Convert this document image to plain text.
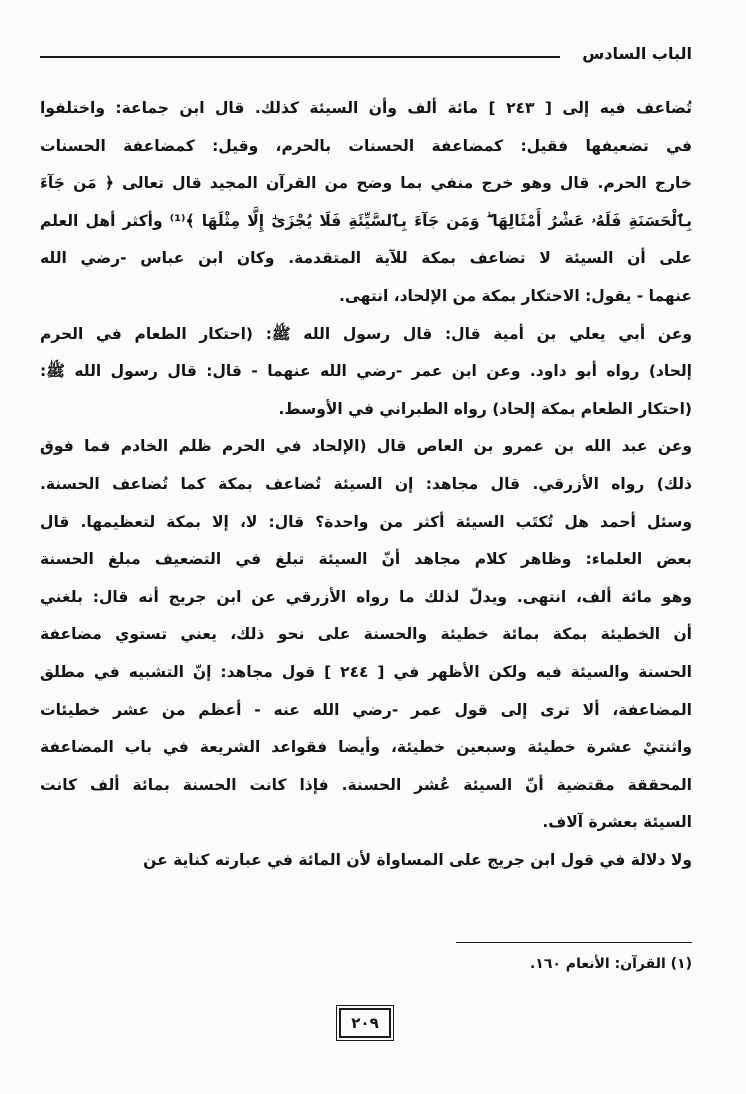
الباب السادس
تُضاعف فيه إلى [ ٢٤٣ ] مائة ألف وأن السيئة كذلك. قال ابن جماعة: واختلفوا
في تضعيفها فقيل: كمضاعفة الحسنات بالحرم، وقيل: كمضاعفة الحسنات
خارج الحرم. قال وهو خرج منفي بما وضح من القرآن المجيد قال تعالى ﴿ مَن جَآءَ
بِٱلْحَسَنَةِ فَلَهُۥ عَشْرُ أَمْثَالِهَا ۖ وَمَن جَآءَ بِٱلسَّيِّئَةِ فَلَا يُجْزَىٰٓ إِلَّا مِثْلَهَا ﴾⁽¹⁾ وأكثر أهل العلم
على أن السيئة لا تضاعف بمكة للآية المتقدمة. وكان ابن عباس -رضي الله
عنهما - يقول: الاحتكار بمكة من الإلحاد، انتهى.
وعن أبي يعلي بن أمية قال: قال رسول الله ﷺ: (احتكار الطعام في الحرم
إلحاد) رواه أبو داود. وعن ابن عمر -رضي الله عنهما - قال: قال رسول الله ﷺ:
(احتكار الطعام بمكة إلحاد) رواه الطبراني في الأوسط.
وعن عبد الله بن عمرو بن العاص قال (الإلحاد في الحرم ظلم الخادم فما فوق
ذلك) رواه الأزرقي. قال مجاهد: إن السيئة تُضاعف بمكة كما تُضاعف الحسنة.
وسئل أحمد هل تُكتَب السيئة أكثر من واحدة؟ قال: لا، إلا بمكة لتعظيمها. قال
بعض العلماء: وظاهر كلام مجاهد أنّ السيئة تبلغ في التضعيف مبلغ الحسنة
وهو مائة ألف، انتهى. ويدلّ لذلك ما رواه الأزرقي عن ابن جريج أنه قال: بلغني
أن الخطيئة بمكة بمائة خطيئة والحسنة على نحو ذلك، يعني تستوي مضاعفة
الحسنة والسيئة فيه ولكن الأظهر في [ ٢٤٤ ] قول مجاهد: إنّ التشبيه في مطلق
المضاعفة، ألا ترى إلى قول عمر -رضي الله عنه - أعظم من عشر خطيئات
واثنتيْ عشرة خطيئة وسبعين خطيئة، وأيضا فقواعد الشريعة في باب المضاعفة
المحققة مقتضية أنّ السيئة عُشر الحسنة. فإذا كانت الحسنة بمائة ألف كانت
السيئة بعشرة آلاف.
ولا دلالة في قول ابن جريج على المساواة لأن المائة في عبارته كناية عن
(١) القرآن: الأنعام ١٦٠.
٢٠٩
